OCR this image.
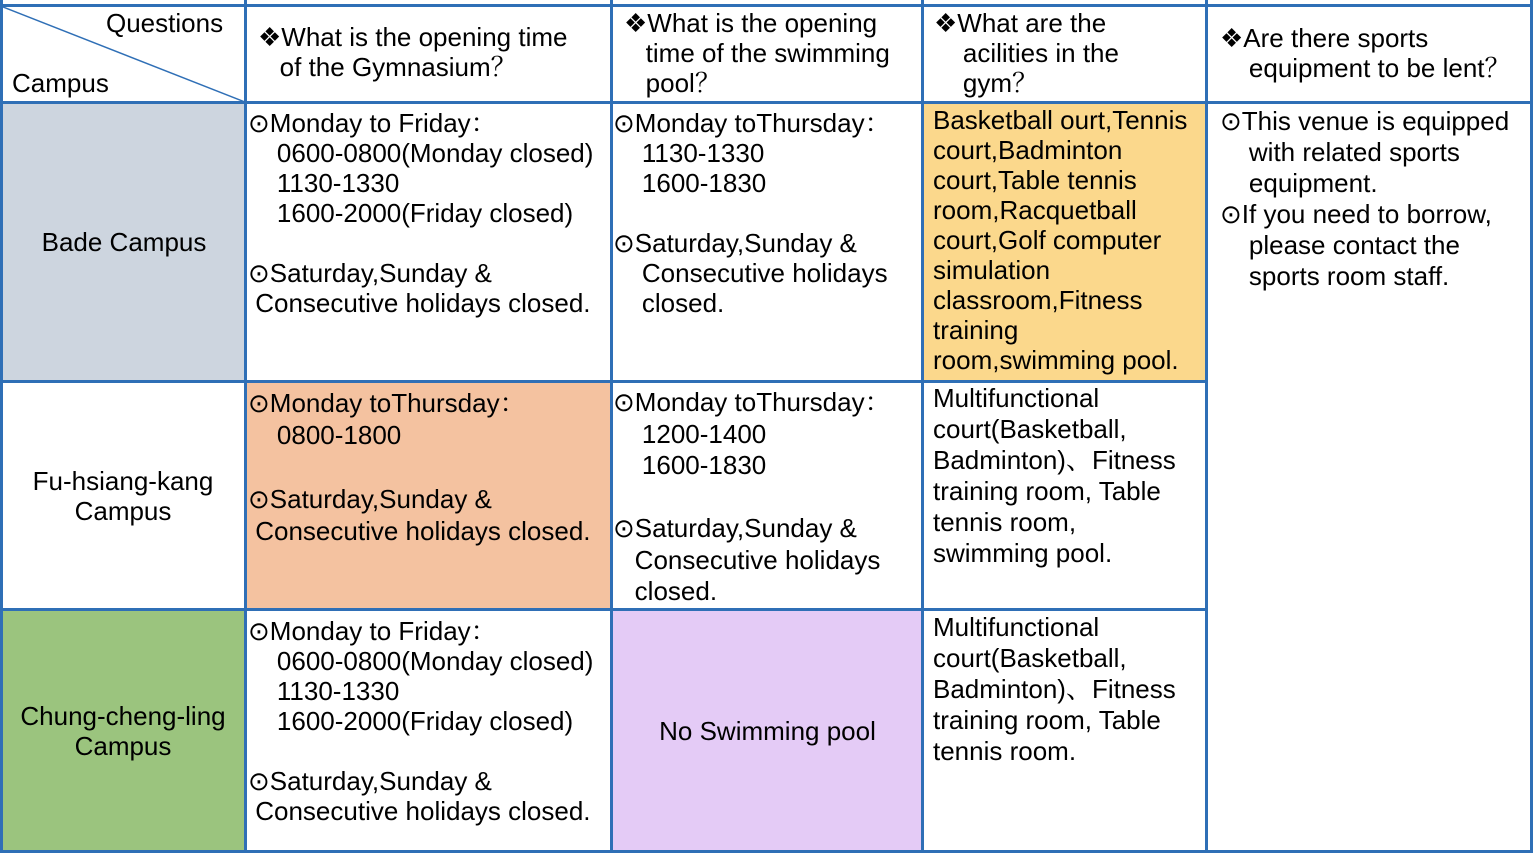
Questions
Campus
❖What is the opening time
of the Gymnasium？
❖What is the opening
time of the swimming
pool？
❖What are the
acilities in the
gym？
❖Are there sports
equipment to be lent？
Bade Campus
⊙Monday to Friday：
0600-0800(Monday closed)
1130-1330
1600-2000(Friday closed)

⊙Saturday,Sunday &
Consecutive holidays closed.
⊙Monday toThursday：
1130-1330
1600-1830

⊙Saturday,Sunday &
Consecutive holidays
closed.
Basketball ourt,Tennis
court,Badminton
court,Table tennis
room,Racquetball
court,Golf computer
simulation
classroom,Fitness
training
room,swimming pool.
Fu-hsiang-kang Campus
⊙Monday toThursday：
0800-1800

⊙Saturday,Sunday &
Consecutive holidays closed.
⊙Monday toThursday：
1200-1400
1600-1830

⊙Saturday,Sunday &
Consecutive holidays
closed.
Multifunctional
court(Basketball,
Badminton)、Fitness
training room, Table
tennis room,
swimming pool.
Chung-cheng-ling Campus
⊙Monday to Friday：
0600-0800(Monday closed)
1130-1330
1600-2000(Friday closed)

⊙Saturday,Sunday &
Consecutive holidays closed.
No Swimming pool
Multifunctional
court(Basketball,
Badminton)、Fitness
training room, Table
tennis room.
⊙This venue is equipped
with related sports
equipment.
⊙If you need to borrow,
please contact the
sports room staff.
